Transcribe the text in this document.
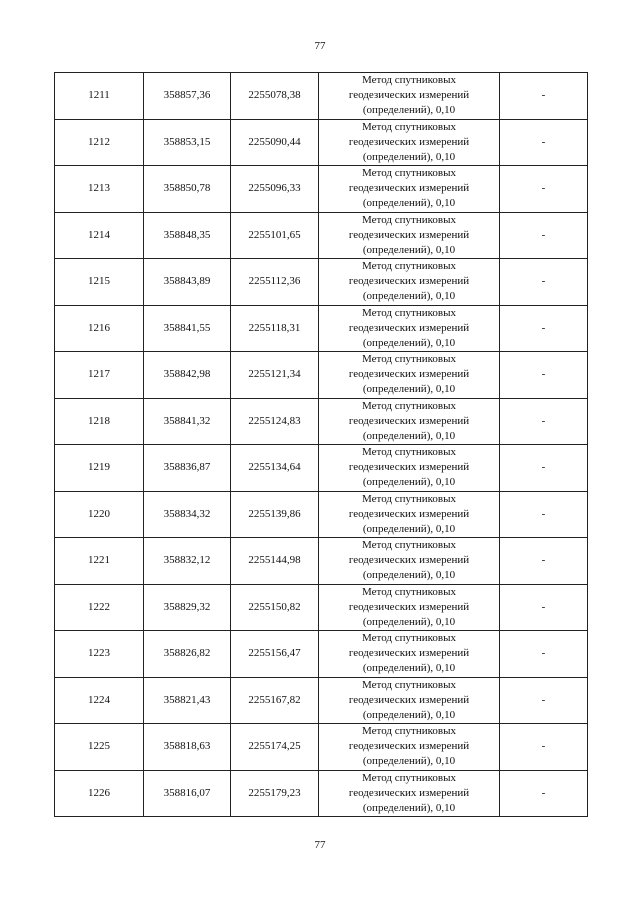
77
1211	358857,36	2255078,38	Метод спутниковых
геодезических измерений
(определений), 0,10	-
1212	358853,15	2255090,44	Метод спутниковых
геодезических измерений
(определений), 0,10	-
1213	358850,78	2255096,33	Метод спутниковых
геодезических измерений
(определений), 0,10	-
1214	358848,35	2255101,65	Метод спутниковых
геодезических измерений
(определений), 0,10	-
1215	358843,89	2255112,36	Метод спутниковых
геодезических измерений
(определений), 0,10	-
1216	358841,55	2255118,31	Метод спутниковых
геодезических измерений
(определений), 0,10	-
1217	358842,98	2255121,34	Метод спутниковых
геодезических измерений
(определений), 0,10	-
1218	358841,32	2255124,83	Метод спутниковых
геодезических измерений
(определений), 0,10	-
1219	358836,87	2255134,64	Метод спутниковых
геодезических измерений
(определений), 0,10	-
1220	358834,32	2255139,86	Метод спутниковых
геодезических измерений
(определений), 0,10	-
1221	358832,12	2255144,98	Метод спутниковых
геодезических измерений
(определений), 0,10	-
1222	358829,32	2255150,82	Метод спутниковых
геодезических измерений
(определений), 0,10	-
1223	358826,82	2255156,47	Метод спутниковых
геодезических измерений
(определений), 0,10	-
1224	358821,43	2255167,82	Метод спутниковых
геодезических измерений
(определений), 0,10	-
1225	358818,63	2255174,25	Метод спутниковых
геодезических измерений
(определений), 0,10	-
1226	358816,07	2255179,23	Метод спутниковых
геодезических измерений
(определений), 0,10	-
77
